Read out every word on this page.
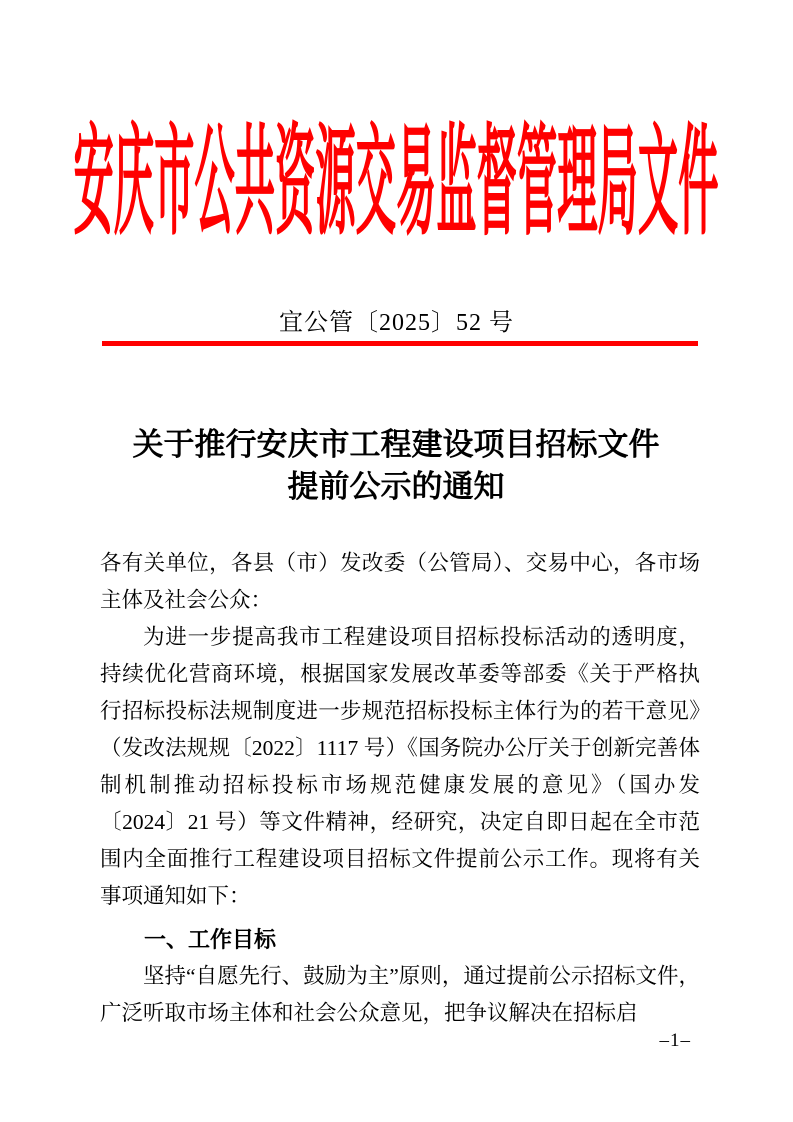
安庆市公共资源交易监督管理局文件
宜公管〔2025〕52 号
关于推行安庆市工程建设项目招标文件
提前公示的通知

各有关单位，各县（市）发改委（公管局）、交易中心，各市场主体及社会公众：

为进一步提高我市工程建设项目招标投标活动的透明度，持续优化营商环境，根据国家发展改革委等部委《关于严格执行招标投标法规制度进一步规范招标投标主体行为的若干意见》（发改法规规〔2022〕1117 号）《国务院办公厅关于创新完善体制机制推动招标投标市场规范健康发展的意见》（国办发〔2024〕21 号）等文件精神，经研究，决定自即日起在全市范围内全面推行工程建设项目招标文件提前公示工作。现将有关事项通知如下：

一、工作目标

坚持“自愿先行、鼓励为主”原则，通过提前公示招标文件，广泛听取市场主体和社会公众意见，把争议解决在招标启

–1–
